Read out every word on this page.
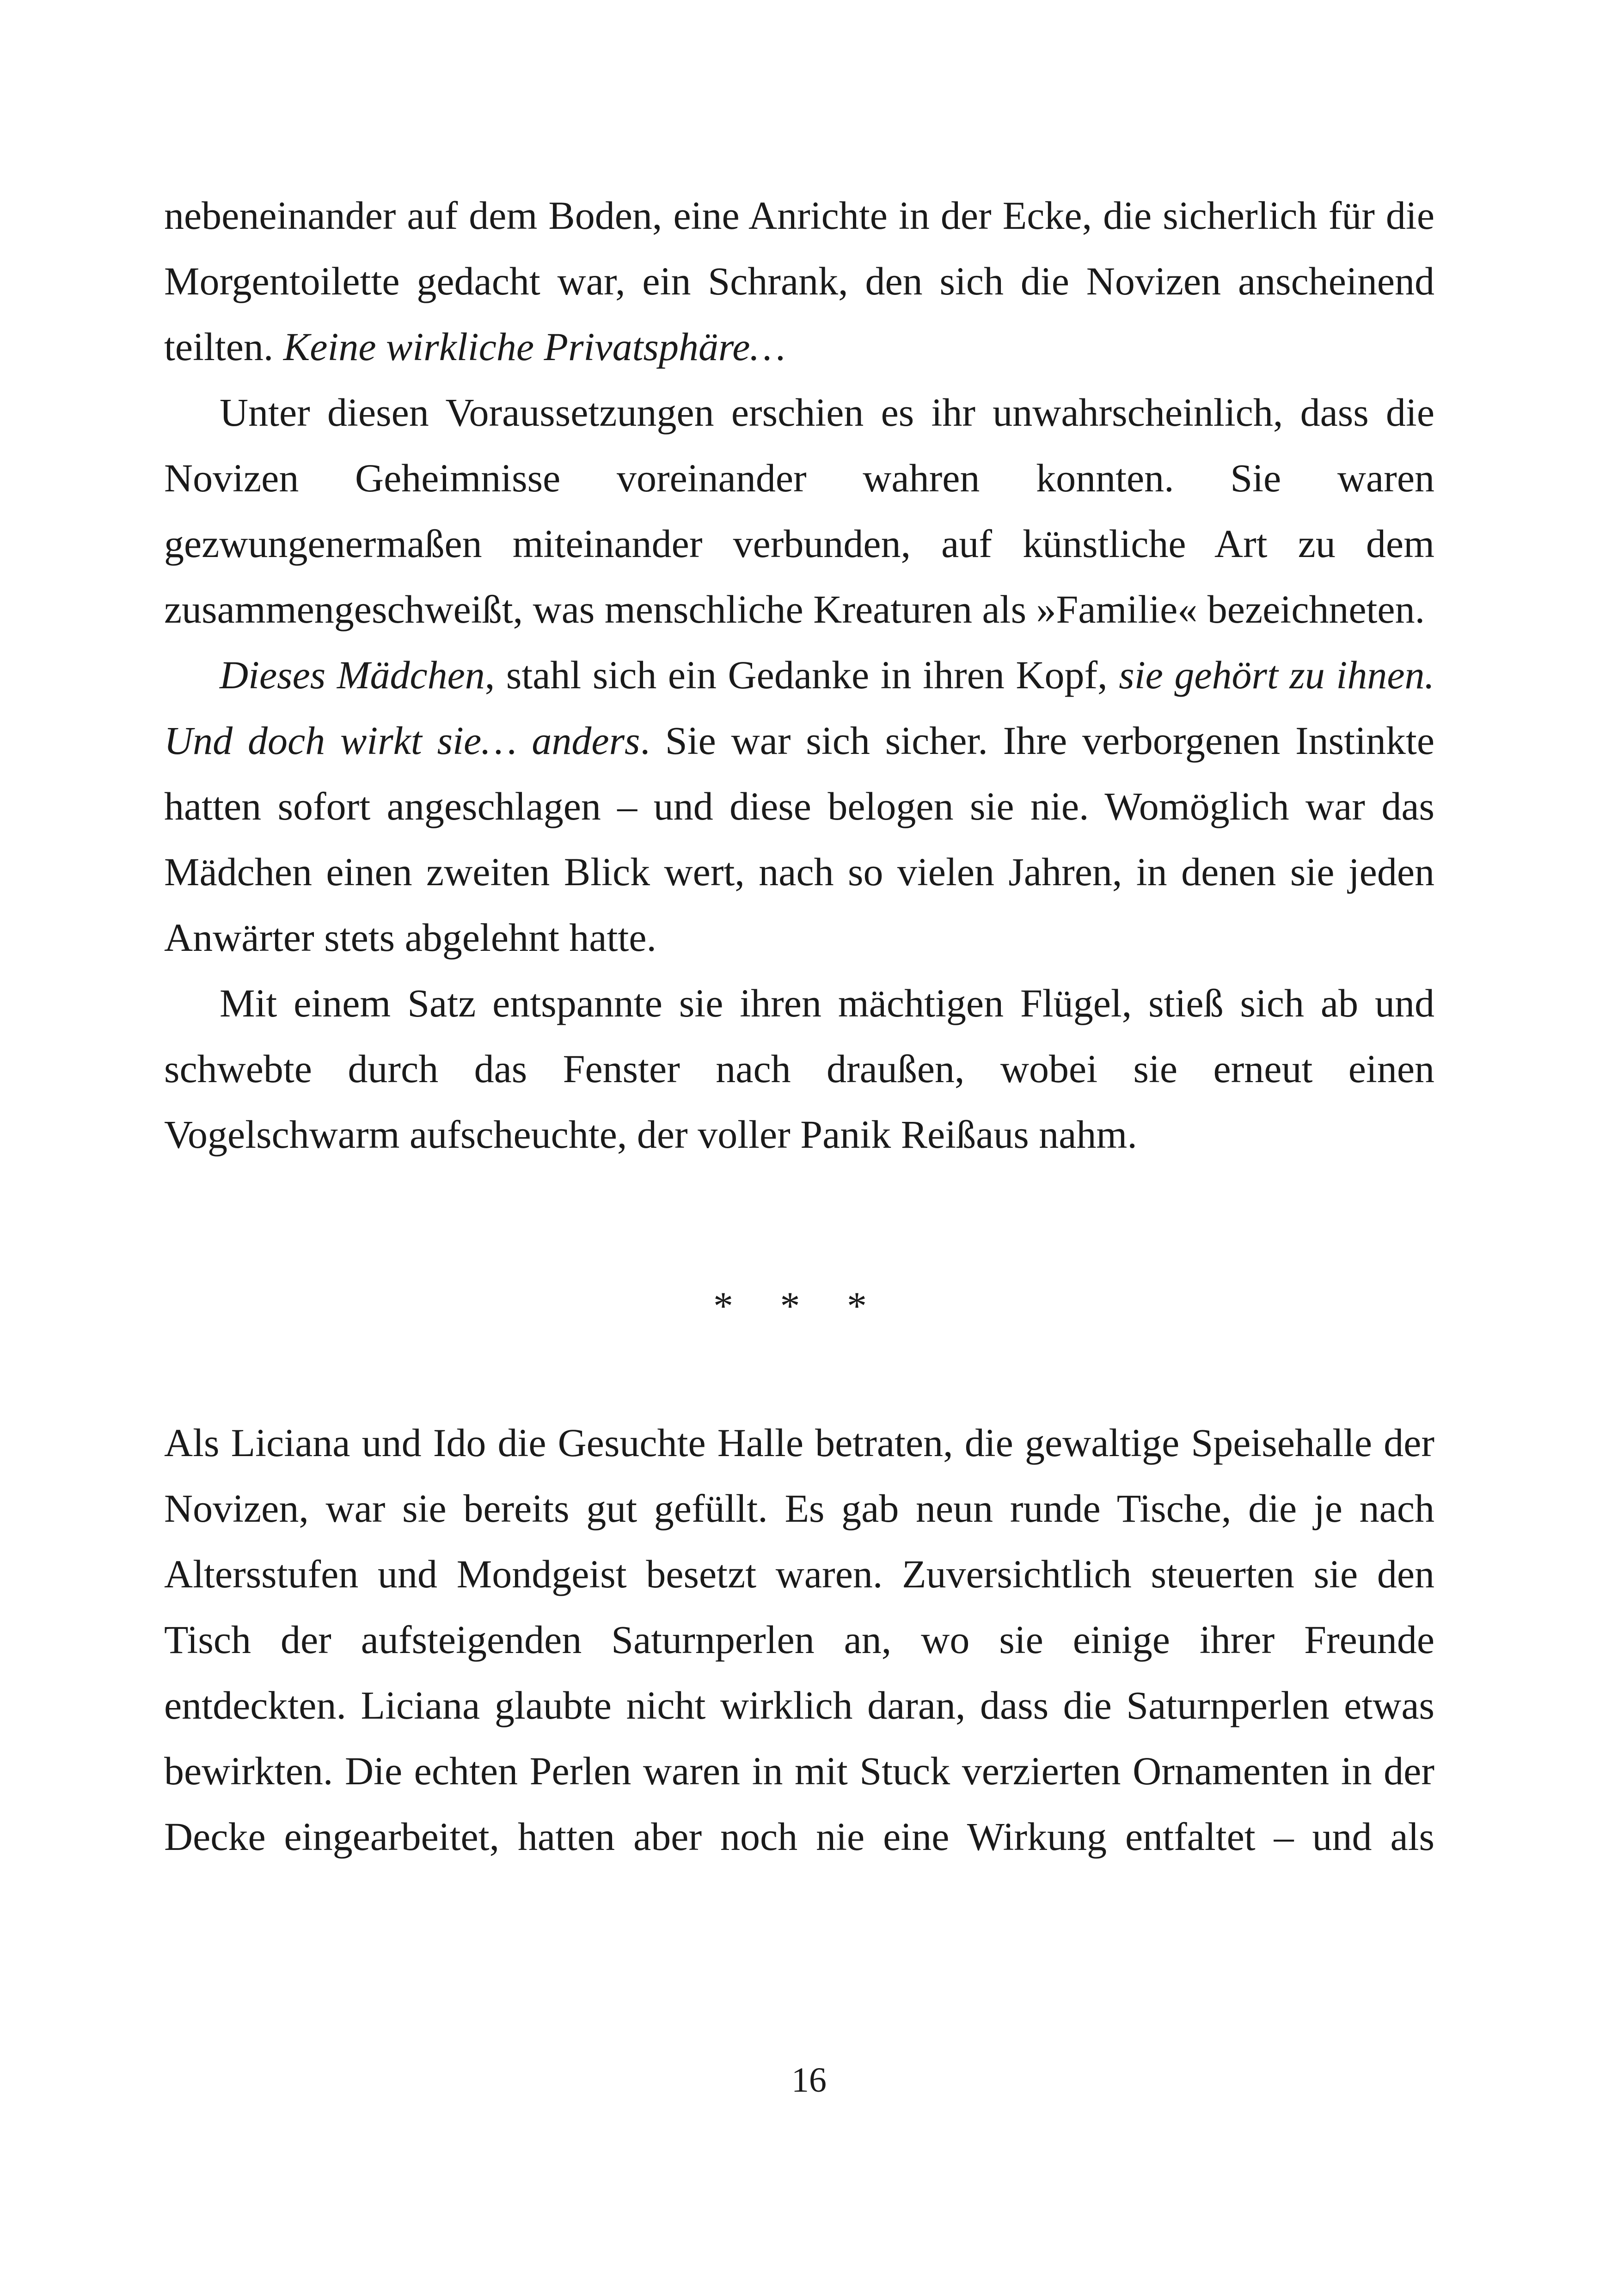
nebeneinander auf dem Boden, eine Anrichte in der Ecke, die sicherlich für die Morgentoilette gedacht war, ein Schrank, den sich die Novizen anscheinend teilten. Keine wirkliche Privatsphäre…

Unter diesen Voraussetzungen erschien es ihr unwahrscheinlich, dass die Novizen Geheimnisse voreinander wahren konnten. Sie waren gezwungenermaßen miteinander verbunden, auf künstliche Art zu dem zusammengeschweißt, was menschliche Kreaturen als »Familie« bezeichneten.

Dieses Mädchen, stahl sich ein Gedanke in ihren Kopf, sie gehört zu ihnen. Und doch wirkt sie… anders. Sie war sich sicher. Ihre verborgenen Instinkte hatten sofort angeschlagen – und diese belogen sie nie. Womöglich war das Mädchen einen zweiten Blick wert, nach so vielen Jahren, in denen sie jeden Anwärter stets abgelehnt hatte.

Mit einem Satz entspannte sie ihren mächtigen Flügel, stieß sich ab und schwebte durch das Fenster nach draußen, wobei sie erneut einen Vogelschwarm aufscheuchte, der voller Panik Reißaus nahm.

* * *

Als Liciana und Ido die Gesuchte Halle betraten, die gewaltige Speisehalle der Novizen, war sie bereits gut gefüllt. Es gab neun runde Tische, die je nach Altersstufen und Mondgeist besetzt waren. Zuversichtlich steuerten sie den Tisch der aufsteigenden Saturnperlen an, wo sie einige ihrer Freunde entdeckten. Liciana glaubte nicht wirklich daran, dass die Saturnperlen etwas bewirkten. Die echten Perlen waren in mit Stuck verzierten Ornamenten in der Decke eingearbeitet, hatten aber noch nie eine Wirkung entfaltet – und als

16
